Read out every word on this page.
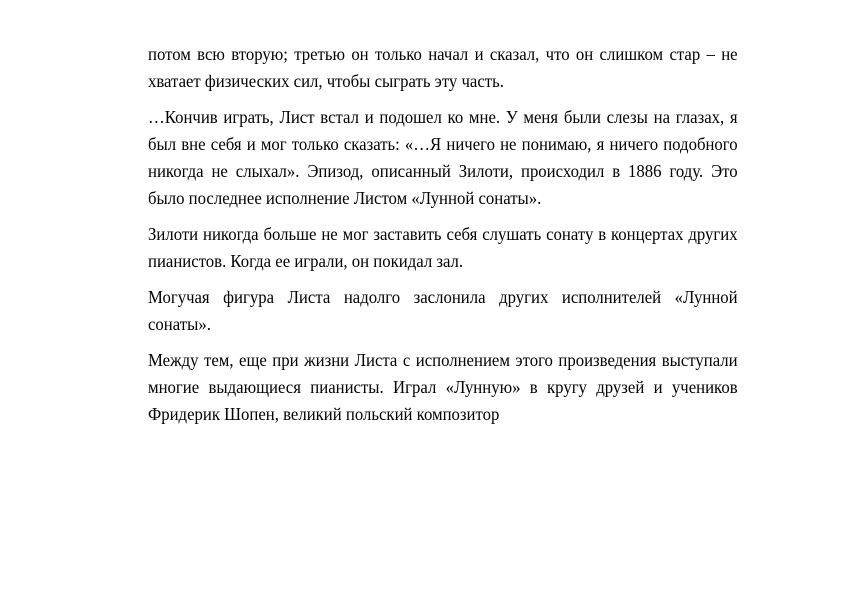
потом всю вторую; третью он только начал и сказал, что он слишком стар – не хватает физических сил, чтобы сыграть эту часть.

…Кончив играть, Лист встал и подошел ко мне. У меня были слезы на глазах, я был вне себя и мог только сказать: «…Я ничего не понимаю, я ничего подобного никогда не слыхал». Эпизод, описанный Зилоти, происходил в 1886 году. Это было последнее исполнение Листом «Лунной сонаты».

Зилоти никогда больше не мог заставить себя слушать сонату в концертах других пианистов. Когда ее играли, он покидал зал.

Могучая фигура Листа надолго заслонила других исполнителей «Лунной сонаты».

Между тем, еще при жизни Листа с исполнением этого произведения выступали многие выдающиеся пианисты. Играл «Лунную» в кругу друзей и учеников Фридерик Шопен, великий польский композитор
